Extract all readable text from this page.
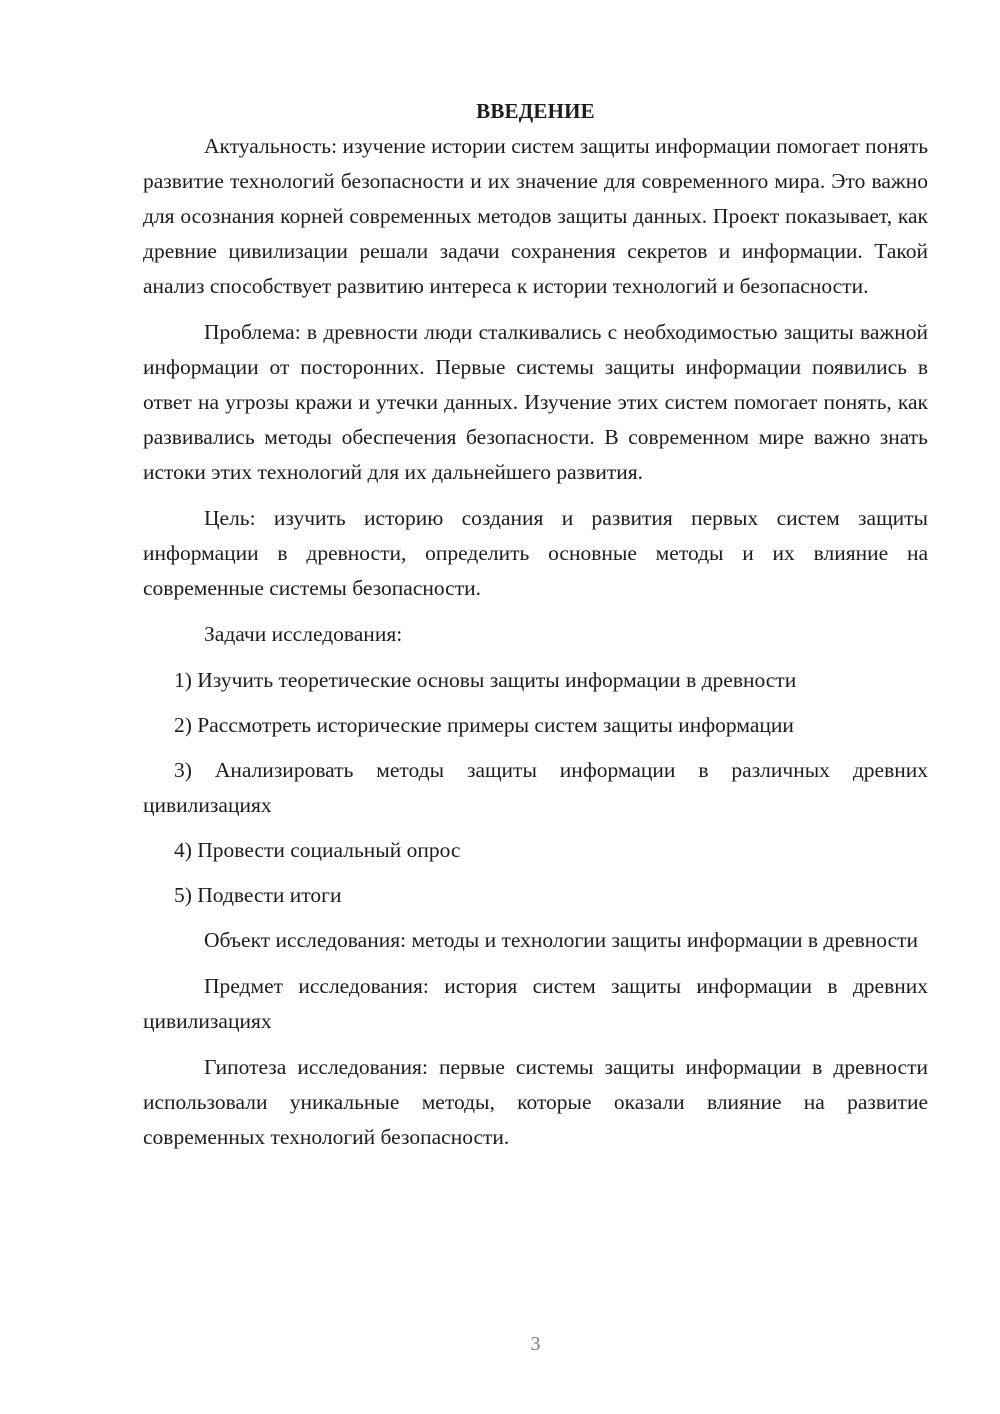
ВВЕДЕНИЕ

Актуальность: изучение истории систем защиты информации помогает понять развитие технологий безопасности и их значение для современного мира. Это важно для осознания корней современных методов защиты данных. Проект показывает, как древние цивилизации решали задачи сохранения секретов и информации. Такой анализ способствует развитию интереса к истории технологий и безопасности.

Проблема: в древности люди сталкивались с необходимостью защиты важной информации от посторонних. Первые системы защиты информации появились в ответ на угрозы кражи и утечки данных. Изучение этих систем помогает понять, как развивались методы обеспечения безопасности. В современном мире важно знать истоки этих технологий для их дальнейшего развития.

Цель: изучить историю создания и развития первых систем защиты информации в древности, определить основные методы и их влияние на современные системы безопасности.

Задачи исследования:

1) Изучить теоретические основы защиты информации в древности

2) Рассмотреть исторические примеры систем защиты информации

3) Анализировать методы защиты информации в различных древних цивилизациях

4) Провести социальный опрос

5) Подвести итоги

Объект исследования: методы и технологии защиты информации в древности

Предмет исследования: история систем защиты информации в древних цивилизациях

Гипотеза исследования: первые системы защиты информации в древности использовали уникальные методы, которые оказали влияние на развитие современных технологий безопасности.

3
